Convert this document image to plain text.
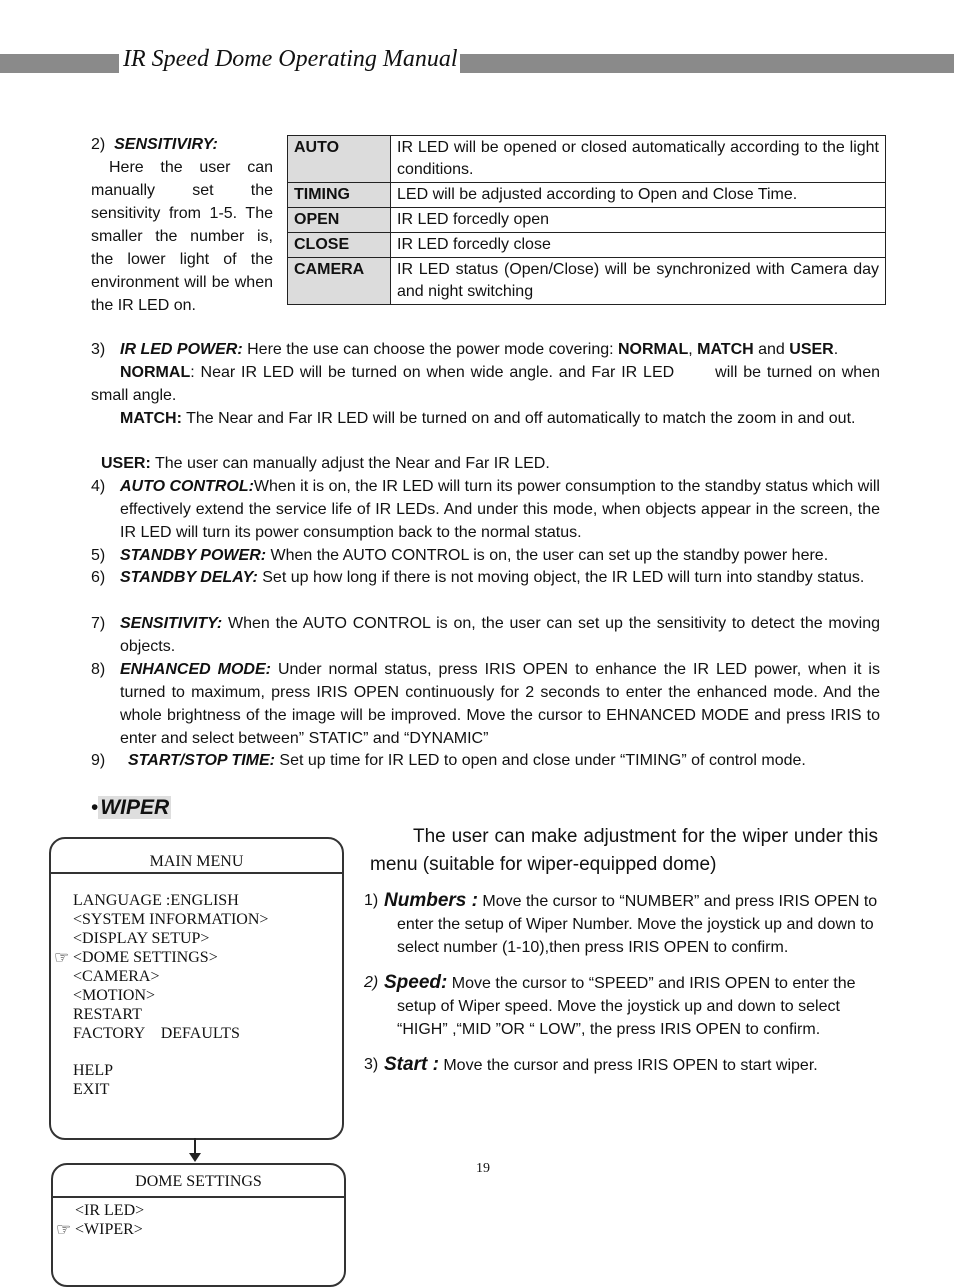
IR Speed Dome Operating Manual
2) SENSITIVIRY:
Here the user can manually set the sensitivity from 1-5. The smaller the number is, the lower light of the environment will be when the IR LED on.
AUTO	IR LED will be opened or closed automatically according to the light conditions.
TIMING	LED will be adjusted according to Open and Close Time.
OPEN	IR LED forcedly open
CLOSE	IR LED forcedly close
CAMERA	IR LED status (Open/Close) will be synchronized with Camera day and night switching
3) IR LED POWER: Here the use can choose the power mode covering: NORMAL, MATCH and USER.
NORMAL: Near IR LED will be turned on when wide angle. and Far IR LED       will be turned on when small angle.
MATCH: The Near and Far IR LED will be turned on and off automatically to match the zoom in and out.
USER: The user can manually adjust the Near and Far IR LED.
4) AUTO CONTROL:When it is on, the IR LED will turn its power consumption to the standby status which will effectively extend the service life of IR LEDs. And under this mode, when objects appear in the screen, the IR LED will turn its power consumption back to the normal status.
5) STANDBY POWER: When the AUTO CONTROL is on, the user can set up the standby power here.
6) STANDBY DELAY: Set up how long if there is not moving object, the IR LED will turn into standby status.
7) SENSITIVITY: When the AUTO CONTROL is on, the user can set up the sensitivity to detect the moving objects.
8) ENHANCED MODE: Under normal status, press IRIS OPEN to enhance the IR LED power, when it is turned to maximum, press IRIS OPEN continuously for 2 seconds to enter the enhanced mode. And the whole brightness of the image will be improved. Move the cursor to EHNANCED MODE and press IRIS to enter and select between” STATIC” and “DYNAMIC”
9) START/STOP TIME: Set up time for IR LED to open and close under “TIMING” of control mode.
•WIPER
MAIN MENU
LANGUAGE :ENGLISH
<SYSTEM INFORMATION>
<DISPLAY SETUP>
☞ <DOME SETTINGS>
<CAMERA>
<MOTION>
RESTART
FACTORY    DEFAULTS
HELP
EXIT
DOME SETTINGS
<IR LED>
☞ <WIPER>
The user can make adjustment for the wiper under this menu (suitable for wiper-equipped dome)
1) Numbers : Move the cursor to “NUMBER” and press IRIS OPEN to enter the setup of Wiper Number. Move the joystick up and down to select number (1-10),then press IRIS OPEN to confirm.
2) Speed: Move the cursor to “SPEED” and IRIS OPEN to enter the setup of Wiper speed. Move the joystick up and down to select “HIGH” ,“MID ”OR “ LOW”, the press IRIS OPEN to confirm.
3) Start : Move the cursor and press IRIS OPEN to start wiper.
19
